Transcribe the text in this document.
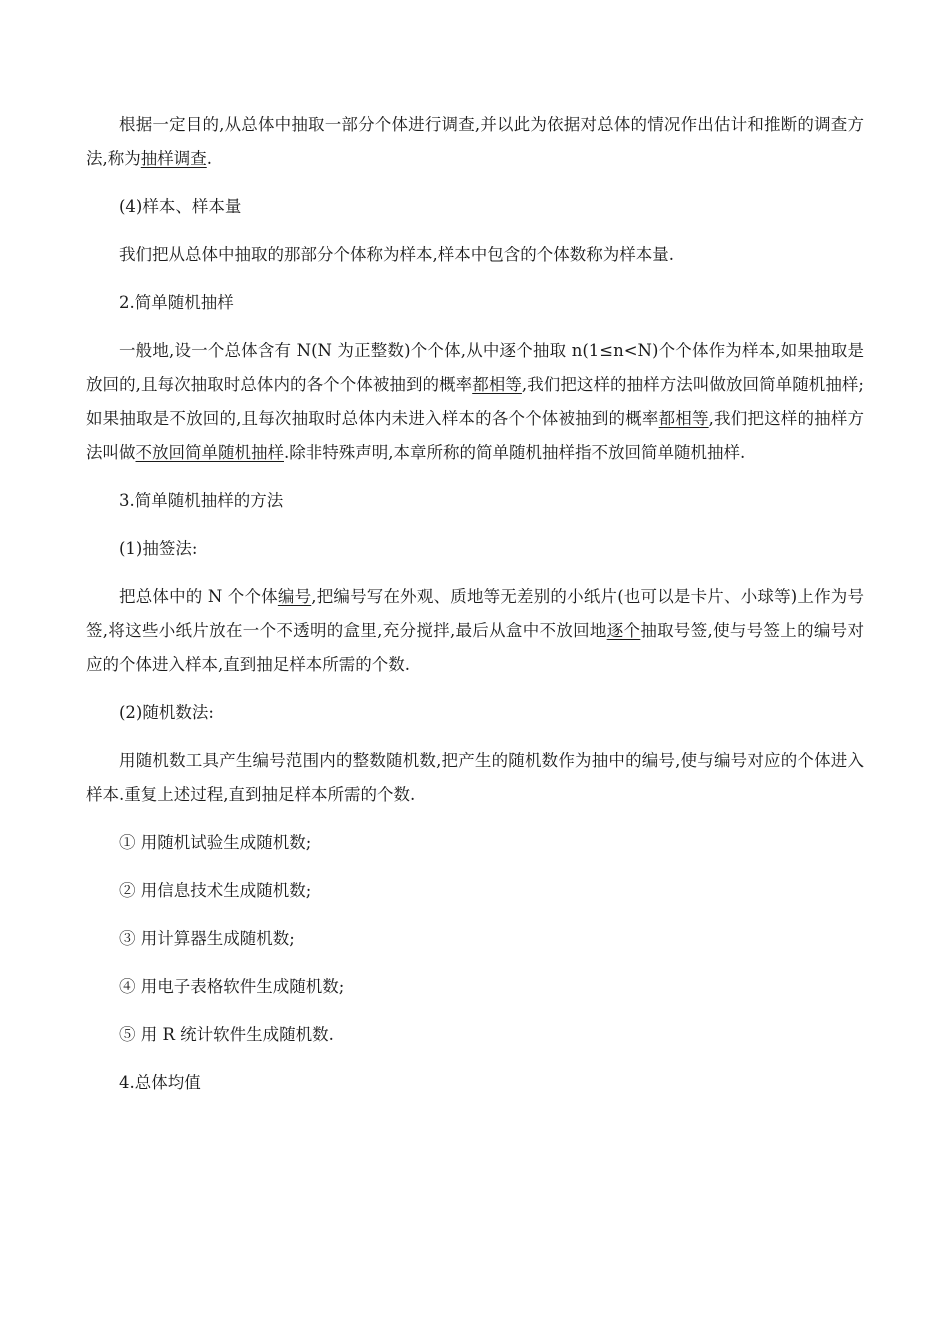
根据一定目的,从总体中抽取一部分个体进行调查,并以此为依据对总体的情况作出估计和推断的调查方法,称为抽样调查.

(4)样本、样本量

我们把从总体中抽取的那部分个体称为样本,样本中包含的个体数称为样本量.

2.简单随机抽样

一般地,设一个总体含有 N(N 为正整数)个个体,从中逐个抽取 n(1≤n<N)个个体作为样本,如果抽取是放回的,且每次抽取时总体内的各个个体被抽到的概率都相等,我们把这样的抽样方法叫做放回简单随机抽样;如果抽取是不放回的,且每次抽取时总体内未进入样本的各个个体被抽到的概率都相等,我们把这样的抽样方法叫做不放回简单随机抽样.除非特殊声明,本章所称的简单随机抽样指不放回简单随机抽样.

3.简单随机抽样的方法

(1)抽签法:

把总体中的 N 个个体编号,把编号写在外观、质地等无差别的小纸片(也可以是卡片、小球等)上作为号签,将这些小纸片放在一个不透明的盒里,充分搅拌,最后从盒中不放回地逐个抽取号签,使与号签上的编号对应的个体进入样本,直到抽足样本所需的个数.

(2)随机数法:

用随机数工具产生编号范围内的整数随机数,把产生的随机数作为抽中的编号,使与编号对应的个体进入样本.重复上述过程,直到抽足样本所需的个数.

① 用随机试验生成随机数;

② 用信息技术生成随机数;

③ 用计算器生成随机数;

④ 用电子表格软件生成随机数;

⑤ 用 R 统计软件生成随机数.

4.总体均值
